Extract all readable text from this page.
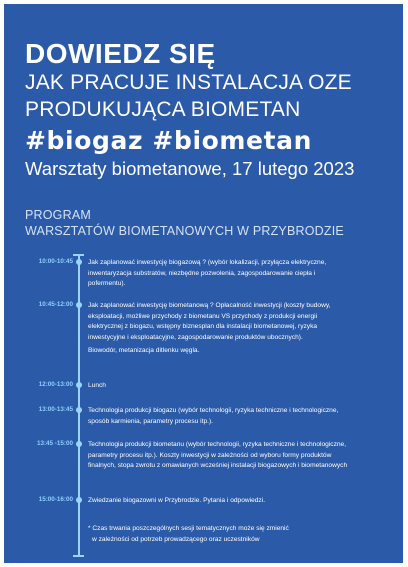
DOWIEDZ SIĘ
JAK PRACUJE INSTALACJA OZE
PRODUKUJĄCA BIOMETAN
#biogaz #biometan
Warsztaty biometanowe, 17 lutego 2023
PROGRAM
WARSZTATÓW BIOMETANOWYCH W PRZYBRODZIE
10:00-10:45 Jak zaplanować inwestycję biogazową ? (wybór lokalizacji, przyłącza elektryczne, inwentaryzacja substratów, niezbędne pozwolenia, zagospodarowanie ciepła i pofermentu).

10:45-12:00 Jak zaplanować inwestycję biometanową ? Opłacalność inwestycji (koszty budowy, eksploatacji, możliwe przychody z biometanu VS przychody z produkcji energii elektrycznej z biogazu, wstępny biznesplan dla instalacji biometanowej, ryzyka inwestycyjne i eksploatacyjne, zagospodarowanie produktów ubocznych).

Biowodór, metanizacja ditlenku węgla.

12:00-13:00 Lunch

13:00-13:45 Technologia produkcji biogazu (wybór technologii, ryzyka techniczne i technologiczne, sposób karmienia, parametry procesu itp.).

13:45 -15:00 Technologia produkcji biometanu (wybór technologii, ryzyka techniczne i technologiczne, parametry procesu itp.). Koszty inwestycji w zależności od wyboru formy produktów finalnych, stopa zwrotu z omawianych wcześniej instalacji biogazowych i biometanowych

15:00-16:00 Zwiedzanie biogazowni w Przybrodzie. Pytania i odpowiedzi.

* Czas trwania poszczególnych sesji tematycznych może się zmienić
w zależności od potrzeb prowadzącego oraz uczestników
